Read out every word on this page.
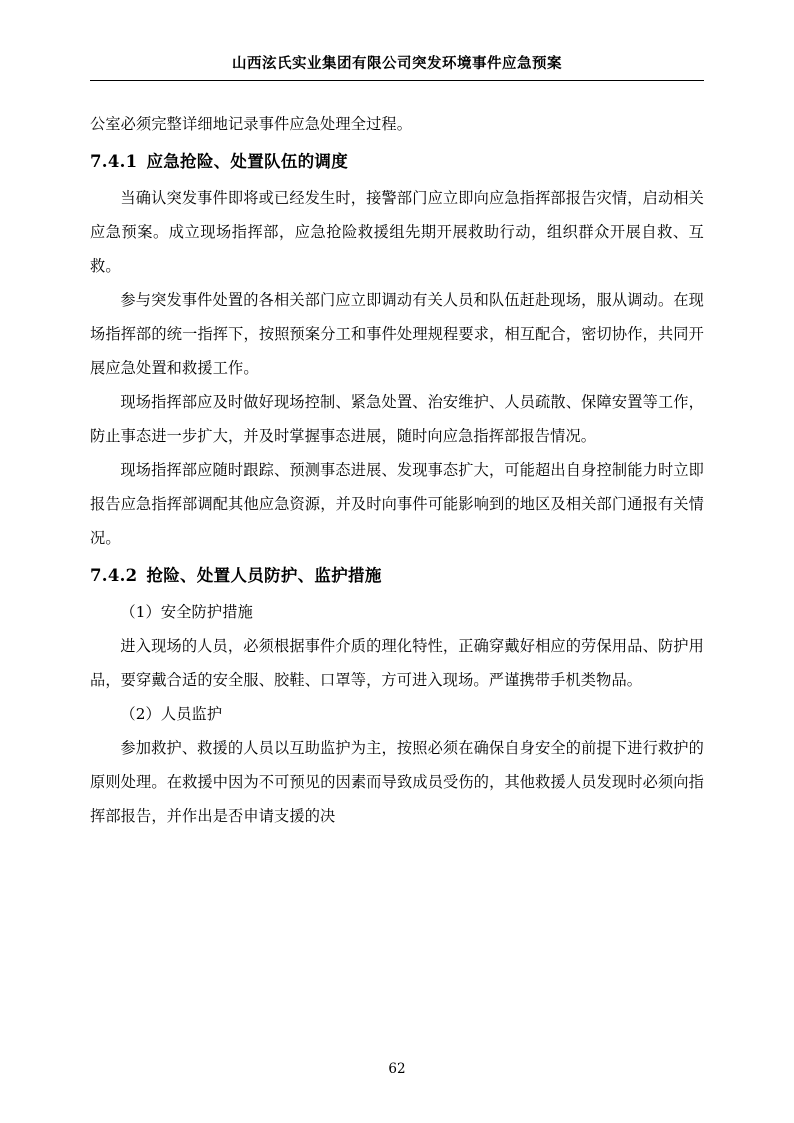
山西泫氏实业集团有限公司突发环境事件应急预案

公室必须完整详细地记录事件应急处理全过程。

7.4.1 应急抢险、处置队伍的调度

当确认突发事件即将或已经发生时，接警部门应立即向应急指挥部报告灾情，启动相关应急预案。成立现场指挥部，应急抢险救援组先期开展救助行动，组织群众开展自救、互救。

参与突发事件处置的各相关部门应立即调动有关人员和队伍赶赴现场，服从调动。在现场指挥部的统一指挥下，按照预案分工和事件处理规程要求，相互配合，密切协作，共同开展应急处置和救援工作。

现场指挥部应及时做好现场控制、紧急处置、治安维护、人员疏散、保障安置等工作，防止事态进一步扩大，并及时掌握事态进展，随时向应急指挥部报告情况。

现场指挥部应随时跟踪、预测事态进展、发现事态扩大，可能超出自身控制能力时立即报告应急指挥部调配其他应急资源，并及时向事件可能影响到的地区及相关部门通报有关情况。

7.4.2 抢险、处置人员防护、监护措施

（1）安全防护措施

进入现场的人员，必须根据事件介质的理化特性，正确穿戴好相应的劳保用品、防护用品，要穿戴合适的安全服、胶鞋、口罩等，方可进入现场。严谨携带手机类物品。

（2）人员监护

参加救护、救援的人员以互助监护为主，按照必须在确保自身安全的前提下进行救护的原则处理。在救援中因为不可预见的因素而导致成员受伤的，其他救援人员发现时必须向指挥部报告，并作出是否申请支援的决

62
